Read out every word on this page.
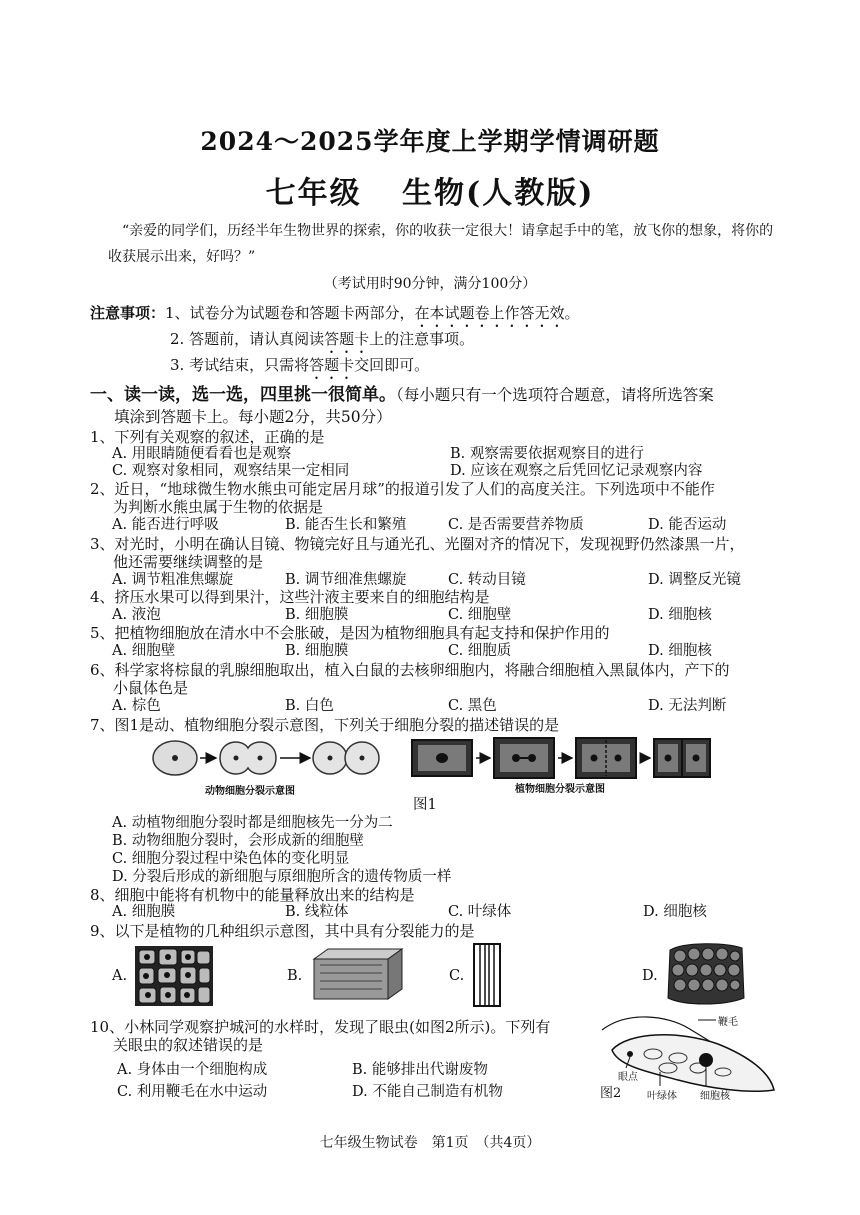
2024～2025学年度上学期学情调研题
七年级 生物(人教版)
“亲爱的同学们，历经半年生物世界的探索，你的收获一定很大！请拿起手中的笔，放飞你的想象，将你的收获展示出来，好吗？”
（考试用时90分钟，满分100分）
注意事项： 1、试卷分为试题卷和答题卡两部分，在本试题卷上作答无效。
2. 答题前，请认真阅读答题卡上的注意事项。
3. 考试结束，只需将答题卡交回即可。
一、读一读，选一选，四里挑一很简单。（每小题只有一个选项符合题意，请将所选答案
填涂到答题卡上。每小题2分，共50分）
1、下列有关观察的叙述，正确的是
A. 用眼睛随便看看也是观察	B. 观察需要依据观察目的进行
C. 观察对象相同，观察结果一定相同	D. 应该在观察之后凭回忆记录观察内容
2、近日，“地球微生物水熊虫可能定居月球”的报道引发了人们的高度关注。下列选项中不能作
为判断水熊虫属于生物的依据是
A. 能否进行呼吸	B. 能否生长和繁殖	C. 是否需要营养物质	D. 能否运动
3、对光时，小明在确认目镜、物镜完好且与通光孔、光圈对齐的情况下，发现视野仍然漆黑一片，
他还需要继续调整的是
A. 调节粗准焦螺旋	B. 调节细准焦螺旋	C. 转动目镜	D. 调整反光镜
4、挤压水果可以得到果汁，这些汁液主要来自的细胞结构是
A. 液泡	B. 细胞膜	C. 细胞壁	D. 细胞核
5、把植物细胞放在清水中不会胀破，是因为植物细胞具有起支持和保护作用的
A. 细胞壁	B. 细胞膜	C. 细胞质	D. 细胞核
6、科学家将棕鼠的乳腺细胞取出，植入白鼠的去核卵细胞内，将融合细胞植入黑鼠体内，产下的
小鼠体色是
A. 棕色	B. 白色	C. 黑色	D. 无法判断
7、图1是动、植物细胞分裂示意图，下列关于细胞分裂的描述错误的是
动物细胞分裂示意图	植物细胞分裂示意图
图1
A. 动植物细胞分裂时都是细胞核先一分为二
B. 动物细胞分裂时，会形成新的细胞壁
C. 细胞分裂过程中染色体的变化明显
D. 分裂后形成的新细胞与原细胞所含的遗传物质一样
8、细胞中能将有机物中的能量释放出来的结构是
A. 细胞膜	B. 线粒体	C. 叶绿体	D. 细胞核
9、以下是植物的几种组织示意图，其中具有分裂能力的是
A.	B.	C.	D.
10、小林同学观察护城河的水样时，发现了眼虫(如图2所示)。下列有
关眼虫的叙述错误的是
A. 身体由一个细胞构成	B. 能够排出代谢废物
C. 利用鞭毛在水中运动	D. 不能自己制造有机物
鞭毛
眼点
叶绿体 细胞核
图2
七年级生物试卷　第1页　（共4页）
